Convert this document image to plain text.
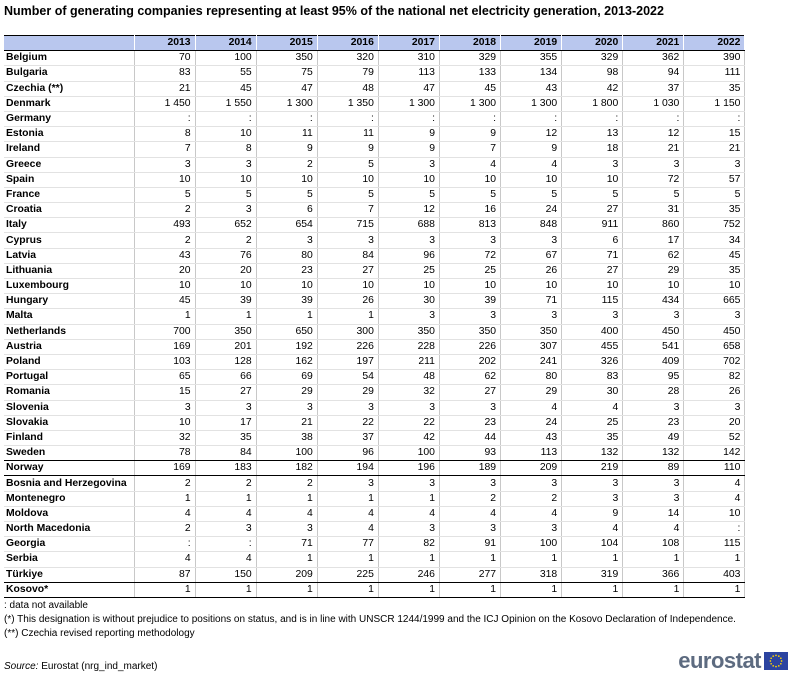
Number of generating companies representing at least 95% of the national net electricity generation, 2013-2022
	2013	2014	2015	2016	2017	2018	2019	2020	2021	2022
Belgium	70	100	350	320	310	329	355	329	362	390
Bulgaria	83	55	75	79	113	133	134	98	94	111
Czechia (**)	21	45	47	48	47	45	43	42	37	35
Denmark	1 450	1 550	1 300	1 350	1 300	1 300	1 300	1 800	1 030	1 150
Germany	:	:	:	:	:	:	:	:	:	:
Estonia	8	10	11	11	9	9	12	13	12	15
Ireland	7	8	9	9	9	7	9	18	21	21
Greece	3	3	2	5	3	4	4	3	3	3
Spain	10	10	10	10	10	10	10	10	72	57
France	5	5	5	5	5	5	5	5	5	5
Croatia	2	3	6	7	12	16	24	27	31	35
Italy	493	652	654	715	688	813	848	911	860	752
Cyprus	2	2	3	3	3	3	3	6	17	34
Latvia	43	76	80	84	96	72	67	71	62	45
Lithuania	20	20	23	27	25	25	26	27	29	35
Luxembourg	10	10	10	10	10	10	10	10	10	10
Hungary	45	39	39	26	30	39	71	115	434	665
Malta	1	1	1	1	3	3	3	3	3	3
Netherlands	700	350	650	300	350	350	350	400	450	450
Austria	169	201	192	226	228	226	307	455	541	658
Poland	103	128	162	197	211	202	241	326	409	702
Portugal	65	66	69	54	48	62	80	83	95	82
Romania	15	27	29	29	32	27	29	30	28	26
Slovenia	3	3	3	3	3	3	4	4	3	3
Slovakia	10	17	21	22	22	23	24	25	23	20
Finland	32	35	38	37	42	44	43	35	49	52
Sweden	78	84	100	96	100	93	113	132	132	142
Norway	169	183	182	194	196	189	209	219	89	110
Bosnia and Herzegovina	2	2	2	3	3	3	3	3	3	4
Montenegro	1	1	1	1	1	2	2	3	3	4
Moldova	4	4	4	4	4	4	4	9	14	10
North Macedonia	2	3	3	4	3	3	3	4	4	:
Georgia	:	:	71	77	82	91	100	104	108	115
Serbia	4	4	1	1	1	1	1	1	1	1
Türkiye	87	150	209	225	246	277	318	319	366	403
Kosovo*	1	1	1	1	1	1	1	1	1	1
: data not available
(*) This designation is without prejudice to positions on status, and is in line with UNSCR 1244/1999 and the ICJ Opinion on the Kosovo Declaration of Independence.
(**) Czechia revised reporting methodology
Source: Eurostat (nrg_ind_market)	eurostat
